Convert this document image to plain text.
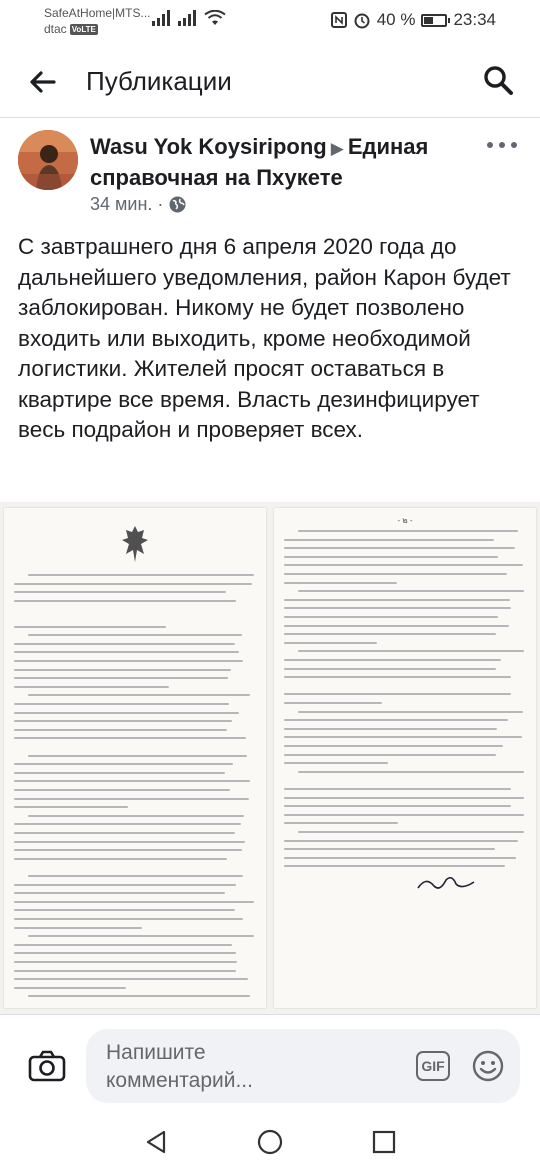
SafeAtHome|MTS...
dtac VoLTE	40 % 23:34
Публикации
Wasu Yok Koysiripong ▶ Единая справочная на Пхукете
34 мин. ·
С завтрашнего дня 6 апреля 2020 года до дальнейшего уведомления, район Карон будет заблокирован. Никому не будет позволено входить или выходить, кроме необходимой логистики. Жителей просят оставаться в квартире все время. Власть дезинфицирует весь подрайон и проверяет всех.
- ๒ -
Напишите комментарий...
GIF
